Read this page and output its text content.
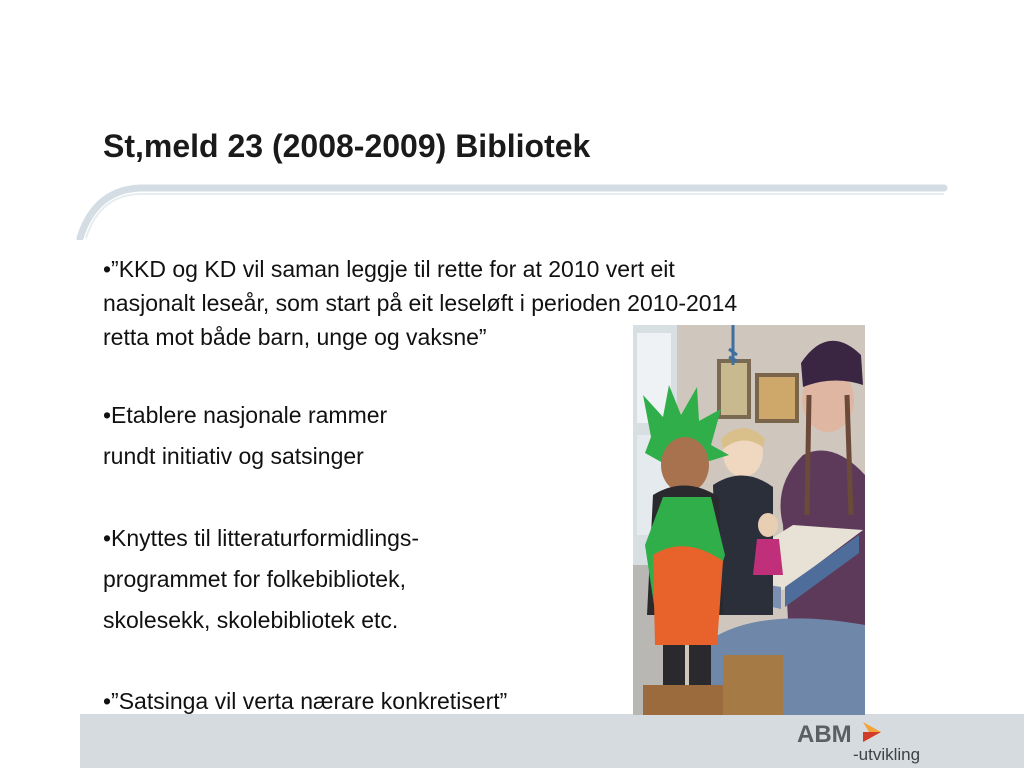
St,meld 23 (2008-2009) Bibliotek
•”KKD og KD vil saman leggje til rette for at 2010 vert eit
nasjonalt leseår, som start på eit leseløft i perioden 2010-2014
retta mot både barn, unge og vaksne”
•Etablere nasjonale rammer
rundt initiativ og satsinger
•Knyttes til litteraturformidlings-
programmet for folkebibliotek,
skolesekk, skolebibliotek etc.
•”Satsinga vil verta nærare konkretisert”
ABM
-utvikling
